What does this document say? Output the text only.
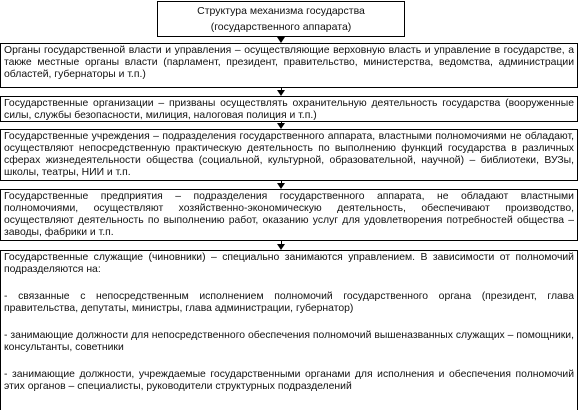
Структура механизма государства
(государственного аппарата)
Органы государственной власти и управления – осуществляющие верховную власть и управление в государстве, а также местные органы власти (парламент, президент, правительство, министерства, ведомства, администрации областей, губернаторы и т.п.)
Государственные организации – призваны осуществлять охранительную деятельность государства (вооруженные силы, службы безопасности, милиция, налоговая полиция и т.п.)
Государственные учреждения – подразделения государственного аппарата, властными полномочиями не обладают, осуществляют непосредственную практическую деятельность по выполнению функций государства в различных сферах жизнедеятельности общества (социальной, культурной, образовательной, научной) – библиотеки, ВУЗы, школы, театры, НИИ и т.п.
Государственные предприятия – подразделения государственного аппарата, не обладают властными полномочиями, осуществляют хозяйственно-экономическую деятельность, обеспечивают производство, осуществляют деятельность по выполнению работ, оказанию услуг для удовлетворения потребностей общества – заводы, фабрики и т.п.

Государственные служащие (чиновники) – специально занимаются управлением. В зависимости от полномочий подразделяются на:

- связанные с непосредственным исполнением полномочий государственного органа (президент, глава правительства, депутаты, министры, глава администрации, губернатор)

- занимающие должности для непосредственного обеспечения полномочий вышеназванных служащих – помощники, консультанты, советники

- занимающие должности, учреждаемые государственными органами для исполнения и обеспечения полномочий этих органов – специалисты, руководители структурных подразделений
